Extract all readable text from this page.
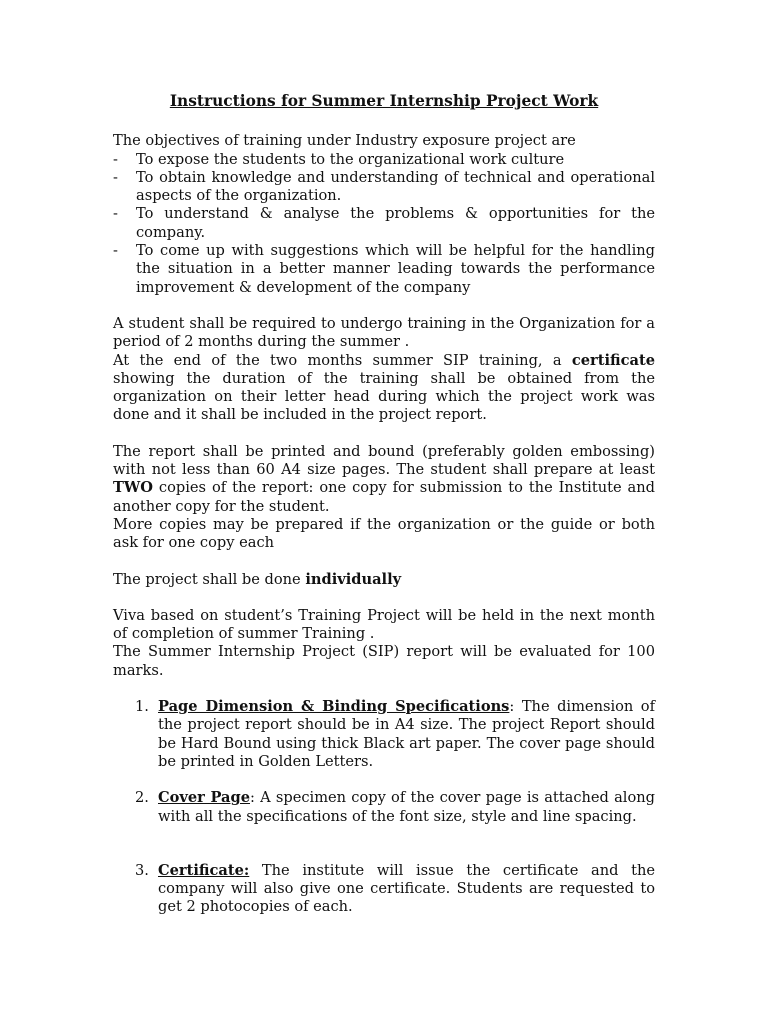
Instructions for Summer Internship Project Work

The objectives of training under Industry exposure project are

- To expose the students to the organizational work culture
- To obtain knowledge and understanding of technical and operational aspects of the organization.
- To understand & analyse the problems & opportunities for the company.
- To come up with suggestions which will be helpful for the handling the situation in a better manner leading towards the performance improvement & development of the company

A student shall be required to undergo training in the Organization for a period of 2 months during the summer .

At the end of the two months summer SIP training, a certificate showing the duration of the training shall be obtained from the organization on their letter head during which the project work was done and it shall be included in the project report.

The report shall be printed and bound (preferably golden embossing) with not less than 60 A4 size pages. The student shall prepare at least TWO copies of the report: one copy for submission to the Institute and another copy for the student.

More copies may be prepared if the organization or the guide or both ask for one copy each

The project shall be done individually

Viva based on student’s Training Project will be held in the next month of completion of summer Training .

The Summer Internship Project (SIP) report will be evaluated for 100 marks.

1. Page Dimension & Binding Specifications: The dimension of the project report should be in A4 size. The project Report should be Hard Bound using thick Black art paper. The cover page should be printed in Golden Letters.
2. Cover Page: A specimen copy of the cover page is attached along with all the specifications of the font size, style and line spacing.
3. Certificate: The institute will issue the certificate and the company will also give one certificate. Students are requested to get 2 photocopies of each.
